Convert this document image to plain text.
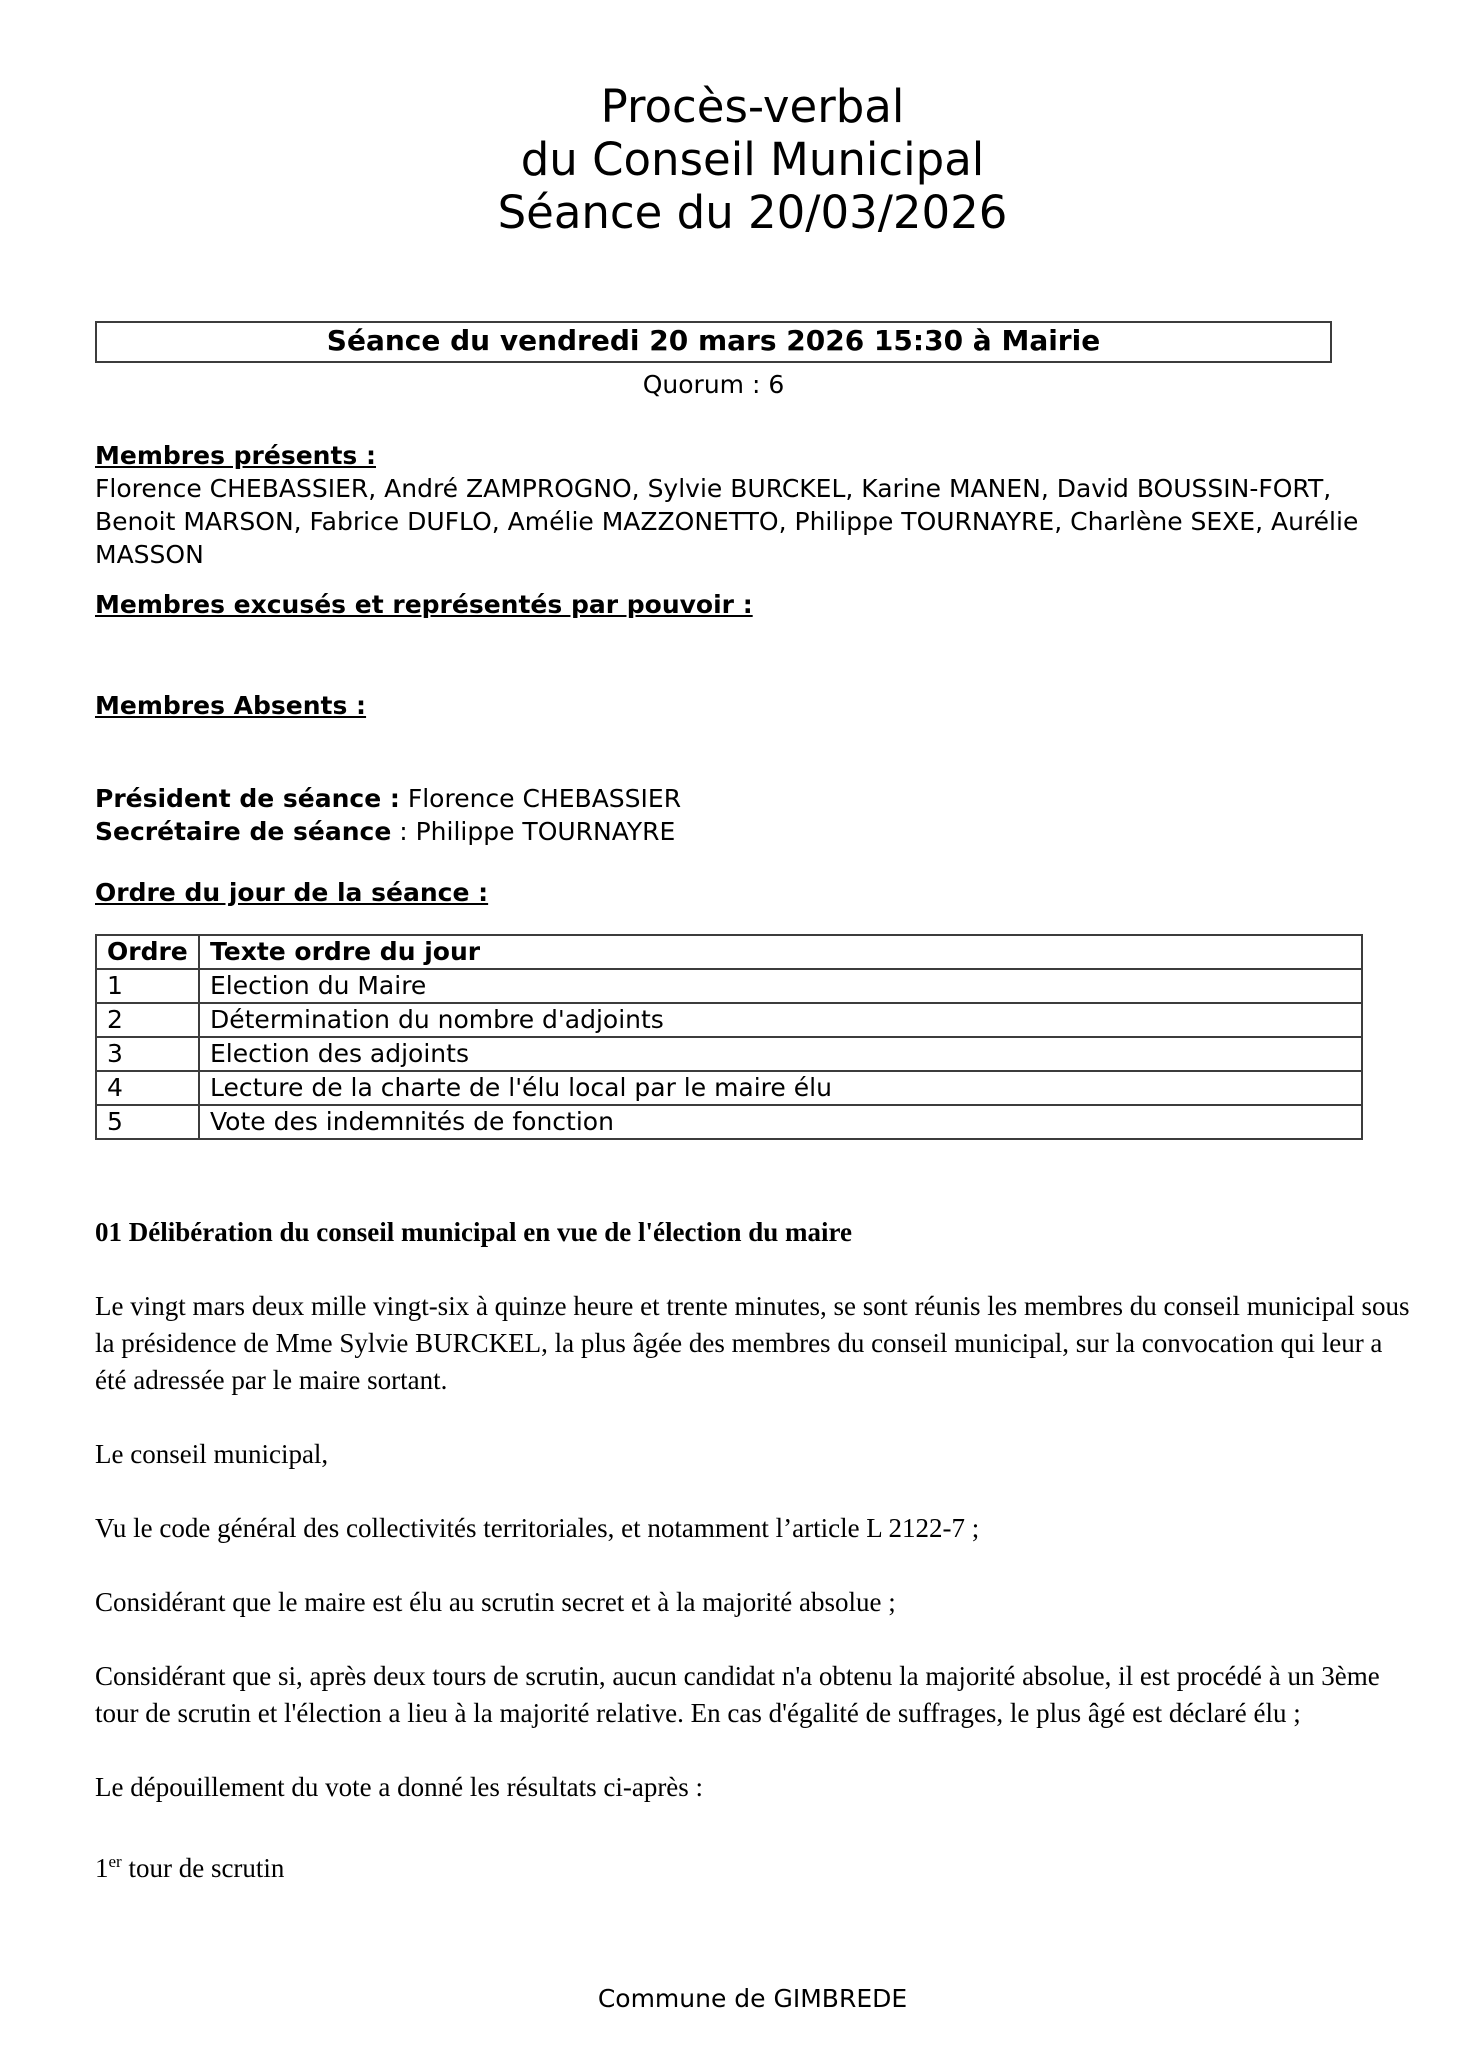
Procès-verbal
du Conseil Municipal
Séance du 20/03/2026
Séance du vendredi 20 mars 2026 15:30 à Mairie
Quorum : 6
Membres présents :

Florence CHEBASSIER, André ZAMPROGNO, Sylvie BURCKEL, Karine MANEN, David BOUSSIN-FORT, Benoit MARSON, Fabrice DUFLO, Amélie MAZZONETTO, Philippe TOURNAYRE, Charlène SEXE, Aurélie MASSON

Membres excusés et représentés par pouvoir :
Membres Absents :
Président de séance : Florence CHEBASSIER
Secrétaire de séance : Philippe TOURNAYRE
Ordre du jour de la séance :
Ordre	Texte ordre du jour
1	Election du Maire
2	Détermination du nombre d'adjoints
3	Election des adjoints
4	Lecture de la charte de l'élu local par le maire élu
5	Vote des indemnités de fonction
01 Délibération du conseil municipal en vue de l'élection du maire

Le vingt mars deux mille vingt-six à quinze heure et trente minutes, se sont réunis les membres du conseil municipal sous la présidence de Mme Sylvie BURCKEL, la plus âgée des membres du conseil municipal, sur la convocation qui leur a été adressée par le maire sortant.

Le conseil municipal,

Vu le code général des collectivités territoriales, et notamment l’article L 2122-7 ;

Considérant que le maire est élu au scrutin secret et à la majorité absolue ;

Considérant que si, après deux tours de scrutin, aucun candidat n'a obtenu la majorité absolue, il est procédé à un 3ème tour de scrutin et l'élection a lieu à la majorité relative. En cas d'égalité de suffrages, le plus âgé est déclaré élu ;

Le dépouillement du vote a donné les résultats ci-après :

1er tour de scrutin

Commune de GIMBREDE
